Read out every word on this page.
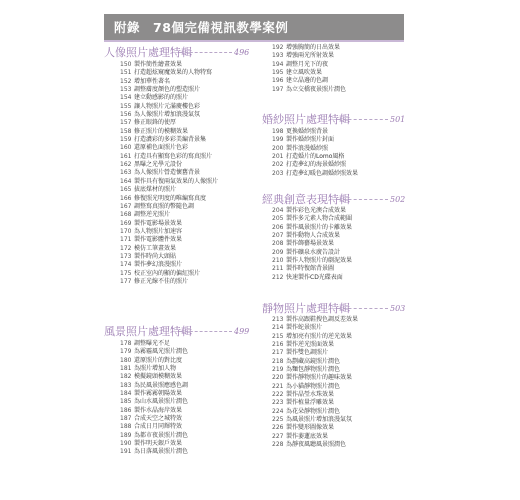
附錄　78個完備視訊教學案例
人像照片處理特輯	496
150 製作簡性繪畫效果
151 打造超炫窺魔效果的人物特寫
152 增加華性著名
153 調整膚度顏色的塑造照片
154 建立動感影的的照片
155 讓人物照片元滿慶樓色彩
156 為人像照片增加浪漫氣氛
157 修正眼鋒的使厚
158 修正照片的模糊效果
159 打造濃彩的多彩美編背景集
160 還原補色面照片色彩
161 打造具有顯寫色彩的寫真照片
162 黑曝之光學元設份
163 為人像照片營造懷舊背景
164 製作具有復兩氣效果的人像照片
165 拔底煤材的照片
166 修復照光明度的唯編寫真度
167 調整寫真照的幣隨色調
168 調整逆光照片
169 製作電影場景效果
170 為人物照片加速容
171 製作電影體件效果
172 模仿工筆畫效果
173 製作時尚大頭貼
174 製作夢幻浪漫照片
175 校正室內的顯的偏紅照片
177 修正光線不佳的照片
風景照片處理特輯	499
178 調整曝光不足
179 為霧霾風光照片潤色
180 還原照片的對比度
181 為照片增加人物
182 模擬鏡頭模糊效果
183 為民風景照應感色調
184 製作霧霧朝陽效果
185 為山水風景照片潤色
186 製作水晶海岸效果
187 合成天空之城特效
188 合成日月同輝特效
189 為都市夜景照片潤色
190 製作明天銀戶效果
191 為日落風景照片潤色
192 增強胸簡的日出效果
193 增強兩光所射效果
194 調整月光下的夜
195 建立風吹效果
196 建立晶邊的色調
197 為立交橋夜景照片潤色
婚紗照片處理特輯	501
198 更換婚紗照背景
199 製作婚紗照片封面
200 製作浪漫婚紗照
201 打造婚片的Lomo風格
202 打造夢幻的海景婚紗照
203 打造夢幻暖色調婚紗照效果
經典創意表現特輯	502
204 製作彩色光澳合成效果
205 製作多元素人物合成範圍
206 製作風景照片的卡離效果
207 製作動物人合成效果
208 製作飾藝場景效果
209 製作礦泉水廣告設計
210 製作人物照片的劇泥效果
211 製作時復館背景圖
212 快速製作CD光碟表面
靜物照片處理特輯	503
213 製作高跟鞋搜色調反差效果
214 製作蛇景照片
215 增加亮有照片的逆光效果
216 製作逆光照面效果
217 製作雙色調照片
218 為劃藏高鏡照片潤色
219 為麵包靜物照片潤色
220 製作靜物照片的趣味效果
221 為小貓靜物照片潤色
222 製作晶瑩水珠效果
223 製作植量浮雕效果
224 為花朵靜物照片潤色
225 為風景照片增加浪漫氣氛
226 製作變形圖像效果
227 製作萎蓮底效果
228 為靜夜風聽風景照潤色
